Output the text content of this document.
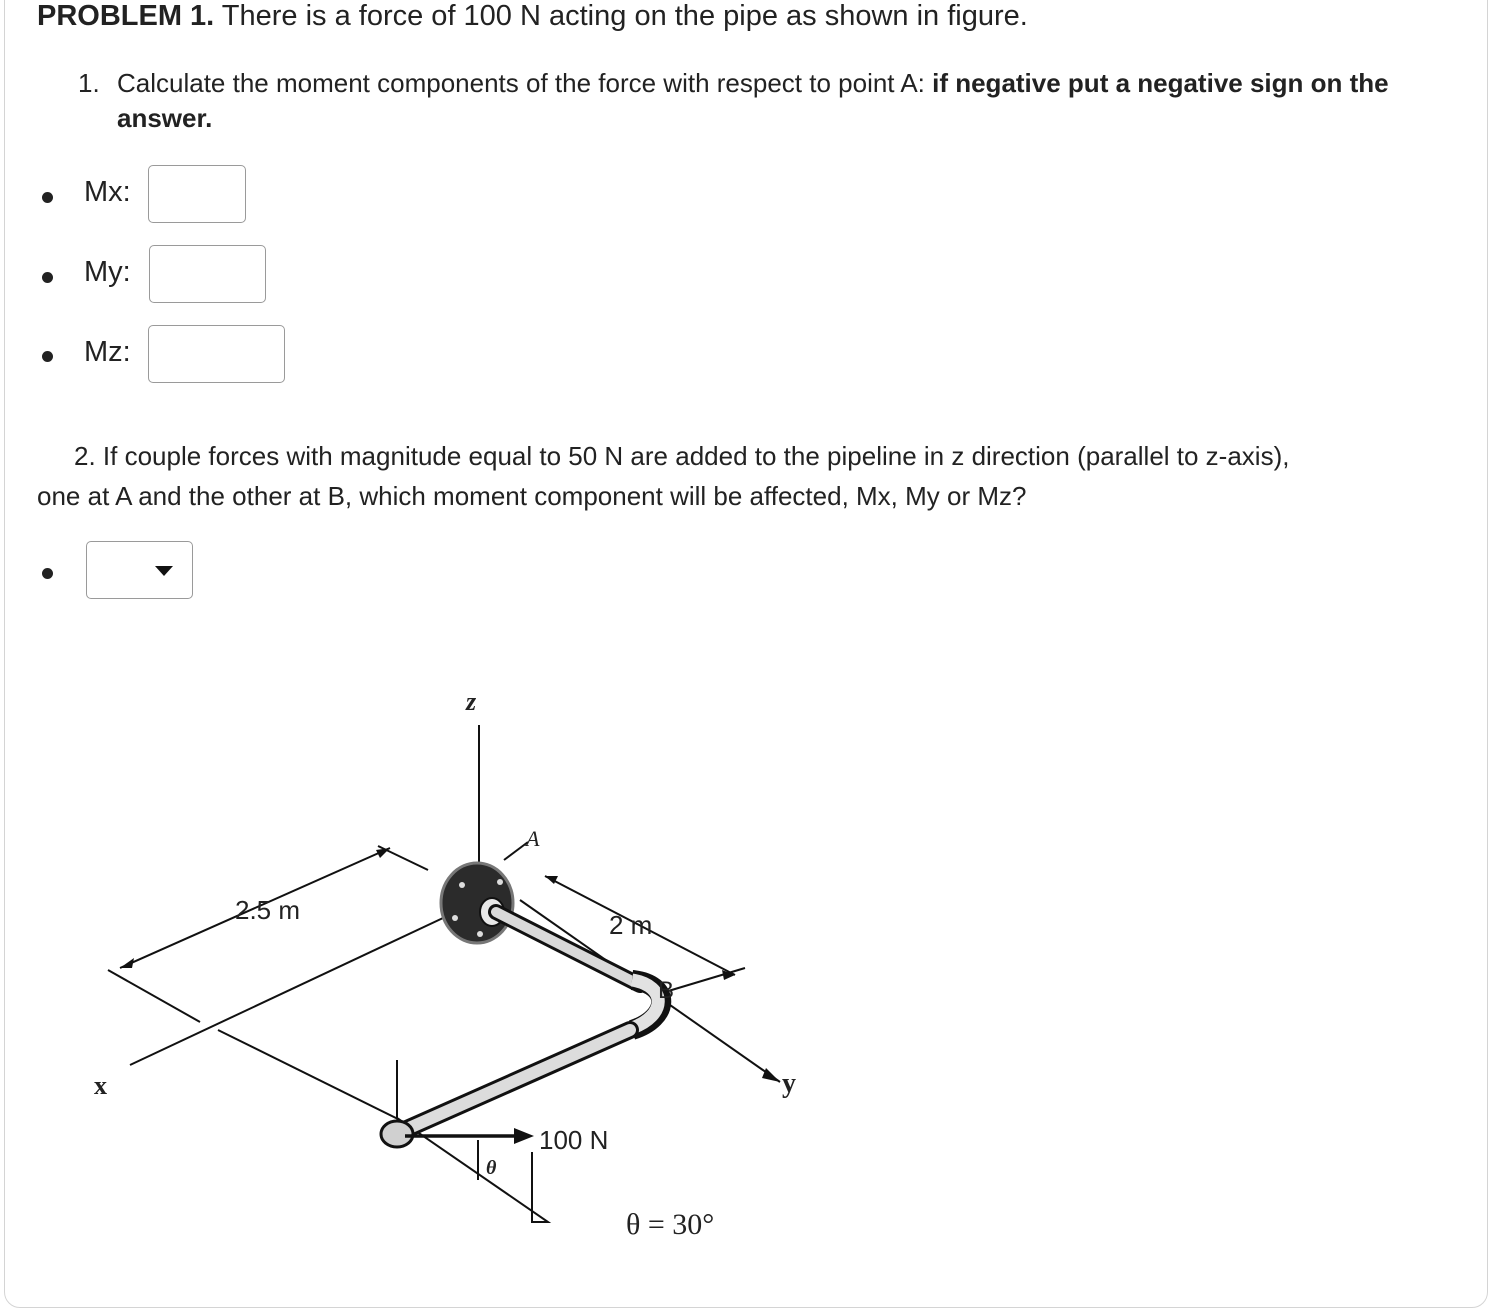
PROBLEM 1. There is a force of 100 N acting on the pipe as shown in figure.
1. Calculate the moment components of the force with respect to point A: if negative put a negative sign on the answer.
Mx:
My:
Mz:
2. If couple forces with magnitude equal to 50 N are added to the pipeline in z direction (parallel to z-axis),
one at A and the other at B, which moment component will be affected, Mx, My or Mz?
z
x	y
A
B
2.5 m	2 m
100 N
θ
θ = 30°
